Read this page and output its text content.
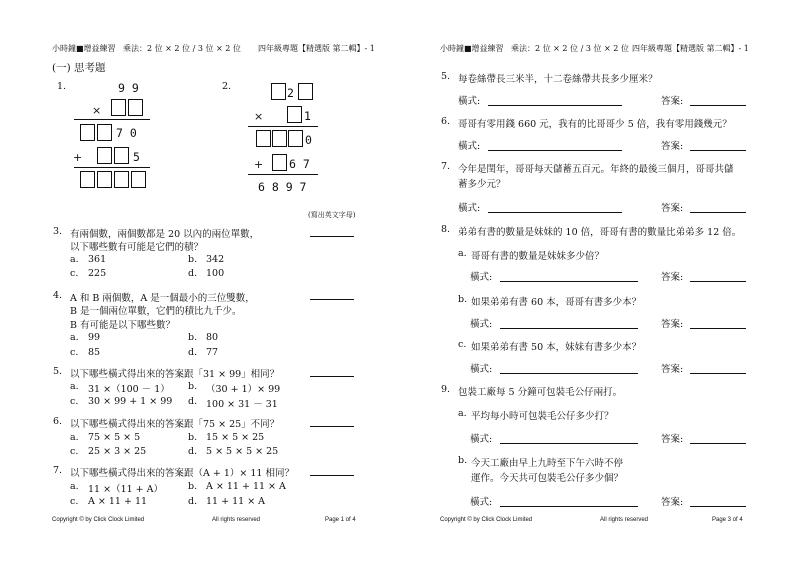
小時鐘■增益練習 乘法：2 位 × 2 位 / 3 位 × 2 位 四年級專題【精選版 第二輯】- 1
(一) 思考題
1.	9 9
×
7 0
+	5
2.	2
×	1
0
+ 6 7
6 8 9 7
(寫出英文字母)
3. 有兩個數，兩個數都是 20 以內的兩位單數，
以下哪些數有可能是它們的積？
a. 361	b. 342
c. 225	d. 100
4. A 和 B 兩個數，A 是一個最小的三位雙數，
B 是一個兩位單數，它們的積比九千少。
B 有可能是以下哪些數？
a. 99	b. 80
c. 85	d. 77
5. 以下哪些橫式得出來的答案跟「31 × 99」相同？
a. 31 ×（100 － 1） b. （30 + 1）× 99
c. 30 × 99 + 1 × 99 d. 100 × 31 － 31
6. 以下哪些橫式得出來的答案跟「75 × 25」不同？
a. 75 × 5 × 5	b. 15 × 5 × 25
c. 25 × 3 × 25	d. 5 × 5 × 5 × 25
7. 以下哪些橫式得出來的答案跟（A + 1）× 11 相同？
a. 11 ×（11 + A）	b. A × 11 + 11 × A
c. A × 11 + 11	d. 11 + 11 × A
Copyright © by Click Clock Limited	All rights reserved	Page 1 of 4
小時鐘■增益練習 乘法：2 位 × 2 位 / 3 位 × 2 位 四年級專題【精選版 第二輯】- 1
5. 每卷絲帶長三米半，十二卷絲帶共長多少厘米？
橫式:	答案:
6. 哥哥有零用錢 660 元，我有的比哥哥少 5 倍，我有零用錢幾元？
橫式:	答案:
7. 今年是閏年，哥哥每天儲蓄五百元。年終的最後三個月，哥哥共儲
蓄多少元？
橫式:	答案:
8. 弟弟有書的數量是妹妹的 10 倍，哥哥有書的數量比弟弟多 12 倍。
a. 哥哥有書的數量是妹妹多少倍？
橫式:	答案:
b. 如果弟弟有書 60 本，哥哥有書多少本？
橫式:	答案:
c. 如果弟弟有書 50 本，妹妹有書多少本？
橫式:	答案:
9. 包裝工廠每 5 分鐘可包裝毛公仔兩打。
a. 平均每小時可包裝毛公仔多少打？
橫式:	答案:
b. 今天工廠由早上九時至下午六時不停
運作。今天共可包裝毛公仔多少個？
橫式:	答案:
Copyright © by Click Clock Limited	All rights reserved	Page 3 of 4
